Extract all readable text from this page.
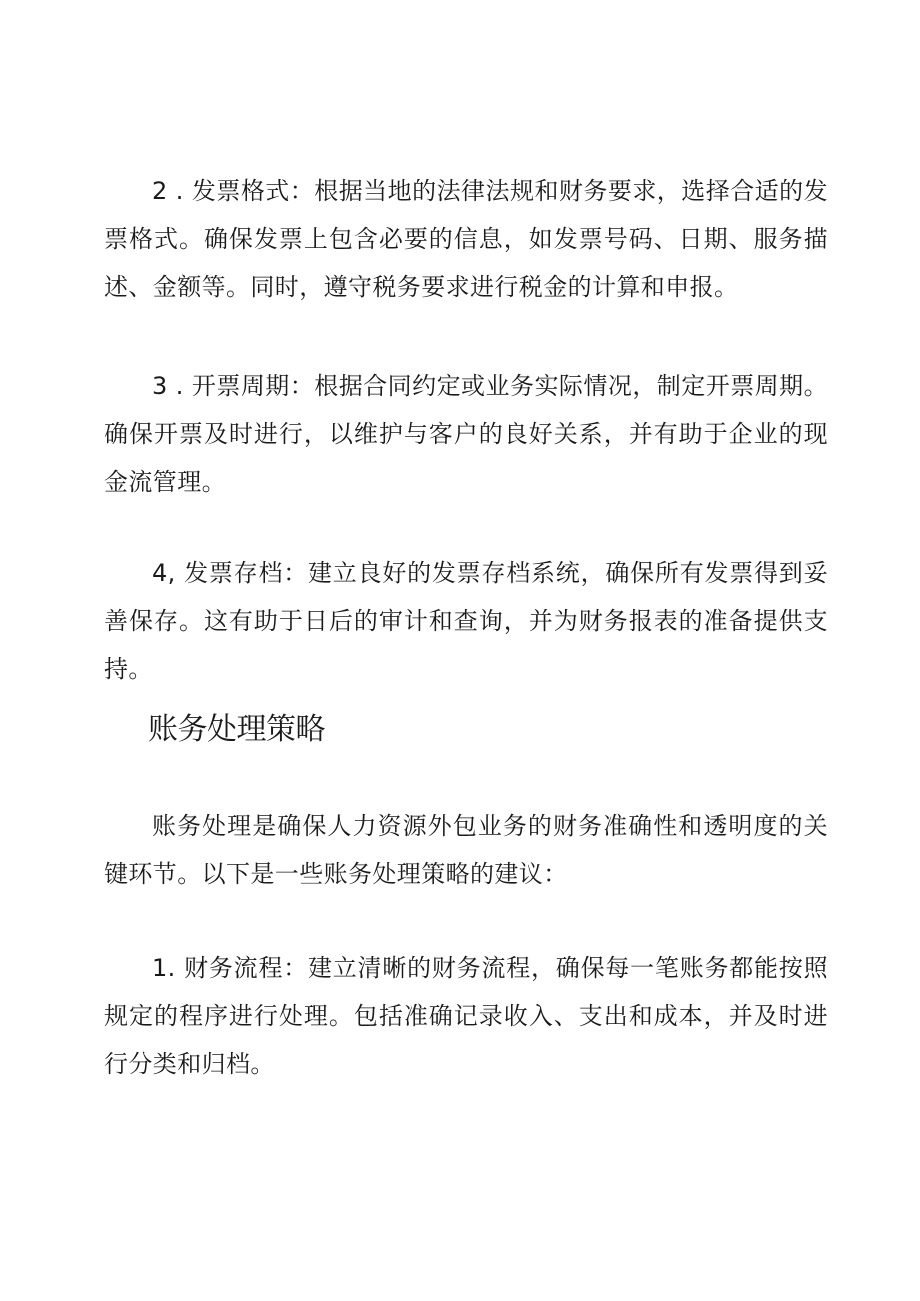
2 . 发票格式：根据当地的法律法规和财务要求，选择合适的发票格式。确保发票上包含必要的信息，如发票号码、日期、服务描述、金额等。同时，遵守税务要求进行税金的计算和申报。

3 . 开票周期：根据合同约定或业务实际情况，制定开票周期。确保开票及时进行，以维护与客户的良好关系，并有助于企业的现金流管理。

4, 发票存档：建立良好的发票存档系统，确保所有发票得到妥善保存。这有助于日后的审计和查询，并为财务报表的准备提供支持。

账务处理策略

账务处理是确保人力资源外包业务的财务准确性和透明度的关键环节。以下是一些账务处理策略的建议：

1. 财务流程：建立清晰的财务流程，确保每一笔账务都能按照规定的程序进行处理。包括准确记录收入、支出和成本，并及时进行分类和归档。
